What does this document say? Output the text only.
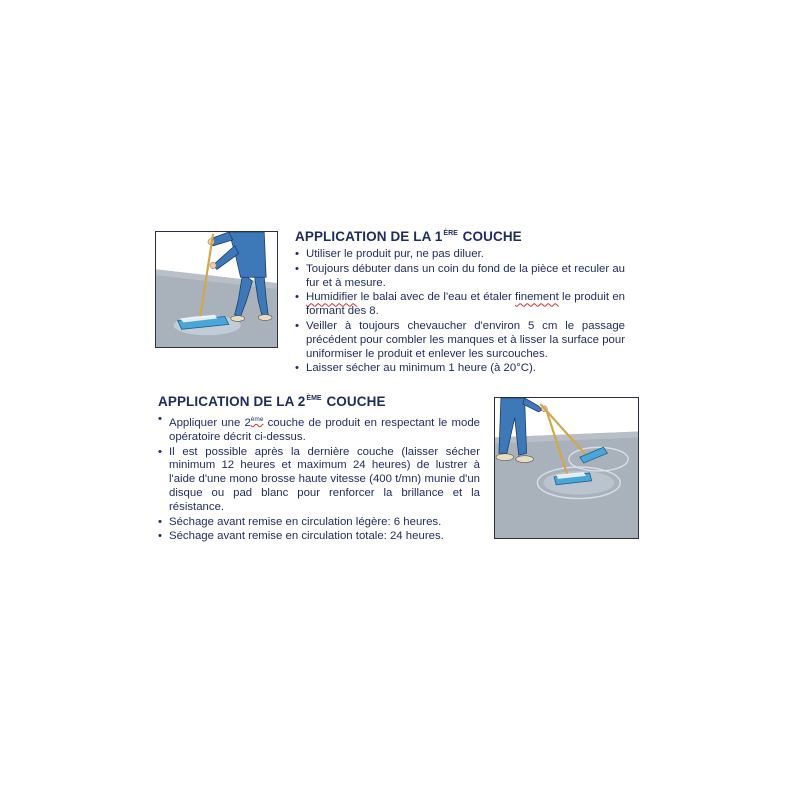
APPLICATION DE LA 1ÈRE COUCHE
• Utiliser le produit pur, ne pas diluer.
• Toujours débuter dans un coin du fond de la pièce et reculer au fur et à mesure.
• Humidifier le balai avec de l'eau et étaler finement le produit en formant des 8.
• Veiller à toujours chevaucher d'environ 5 cm le passage précédent pour combler les manques et à lisser la surface pour uniformiser le produit et enlever les surcouches.
• Laisser sécher au minimum 1 heure (à 20°C).
APPLICATION DE LA 2ÈME COUCHE
• Appliquer une 2ème couche de produit en respectant le mode opératoire décrit ci-dessus.
• Il est possible après la dernière couche (laisser sécher minimum 12 heures et maximum 24 heures) de lustrer à l'aide d'une mono brosse haute vitesse (400 t/mn) munie d'un disque ou pad blanc pour renforcer la brillance et la résistance.
• Séchage avant remise en circulation légère: 6 heures.
• Séchage avant remise en circulation totale: 24 heures.
